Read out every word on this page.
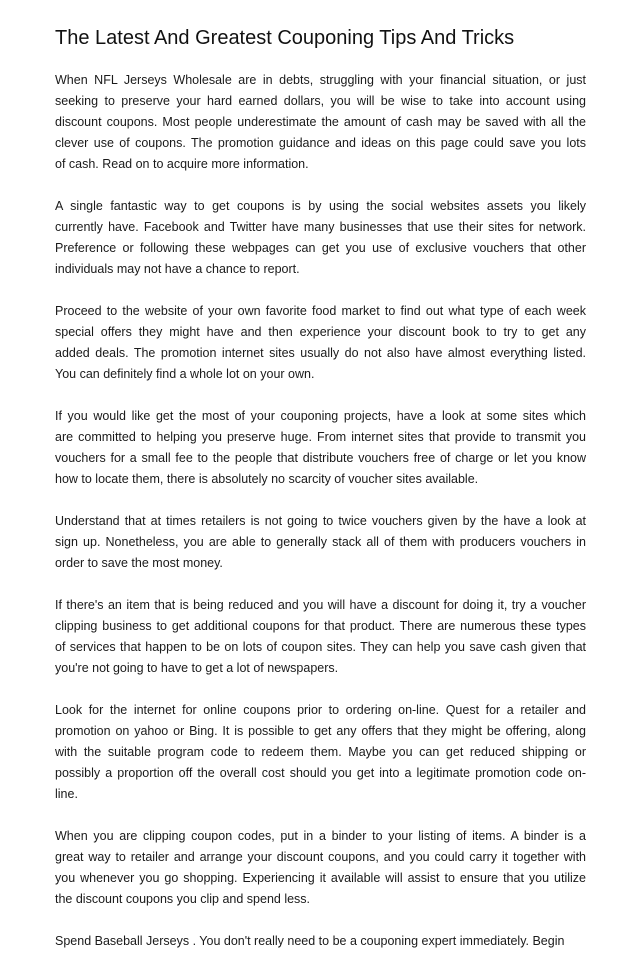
The Latest And Greatest Couponing Tips And Tricks

When NFL Jerseys Wholesale are in debts, struggling with your financial situation, or just
seeking to preserve your hard earned dollars, you will be wise to take into account using
discount coupons. Most people underestimate the amount of cash may be saved with all the
clever use of coupons. The promotion guidance and ideas on this page could save you lots
of cash. Read on to acquire more information.

A single fantastic way to get coupons is by using the social websites assets you likely
currently have. Facebook and Twitter have many businesses that use their sites for network.
Preference or following these webpages can get you use of exclusive vouchers that other
individuals may not have a chance to report.

Proceed to the website of your own favorite food market to find out what type of each week
special offers they might have and then experience your discount book to try to get any
added deals. The promotion internet sites usually do not also have almost everything listed.
You can definitely find a whole lot on your own.

If you would like get the most of your couponing projects, have a look at some sites which
are committed to helping you preserve huge. From internet sites that provide to transmit you
vouchers for a small fee to the people that distribute vouchers free of charge or let you know
how to locate them, there is absolutely no scarcity of voucher sites available.

Understand that at times retailers is not going to twice vouchers given by the have a look at
sign up. Nonetheless, you are able to generally stack all of them with producers vouchers in
order to save the most money.

If there's an item that is being reduced and you will have a discount for doing it, try a voucher
clipping business to get additional coupons for that product. There are numerous these types
of services that happen to be on lots of coupon sites. They can help you save cash given that
you're not going to have to get a lot of newspapers.

Look for the internet for online coupons prior to ordering on-line. Quest for a retailer and
promotion on yahoo or Bing. It is possible to get any offers that they might be offering, along
with the suitable program code to redeem them. Maybe you can get reduced shipping or
possibly a proportion off the overall cost should you get into a legitimate promotion code on-
line.

When you are clipping coupon codes, put in a binder to your listing of items. A binder is a
great way to retailer and arrange your discount coupons, and you could carry it together with
you whenever you go shopping. Experiencing it available will assist to ensure that you utilize
the discount coupons you clip and spend less.

Spend Baseball Jerseys . You don't really need to be a couponing expert immediately. Begin
